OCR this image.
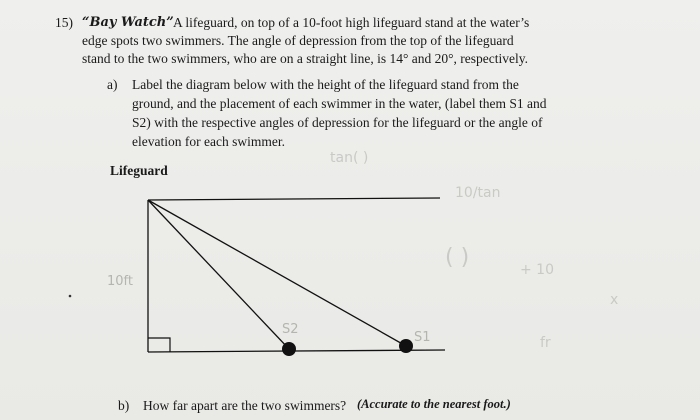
tan( )
10/tan
( )	+ 10
fr
x
15) “Bay Watch” A lifeguard, on top of a 10-foot high lifeguard stand at the water’s
edge spots two swimmers. The angle of depression from the top of the lifeguard
stand to the two swimmers, who are on a straight line, is 14° and 20°, respectively.
a) Label the diagram below with the height of the lifeguard stand from the
ground, and the placement of each swimmer in the water, (label them S1 and
S2) with the respective angles of depression for the lifeguard or the angle of
elevation for each swimmer.
Lifeguard
10ft
S2
S1
b) How far apart are the two swimmers? (Accurate to the nearest foot.)
